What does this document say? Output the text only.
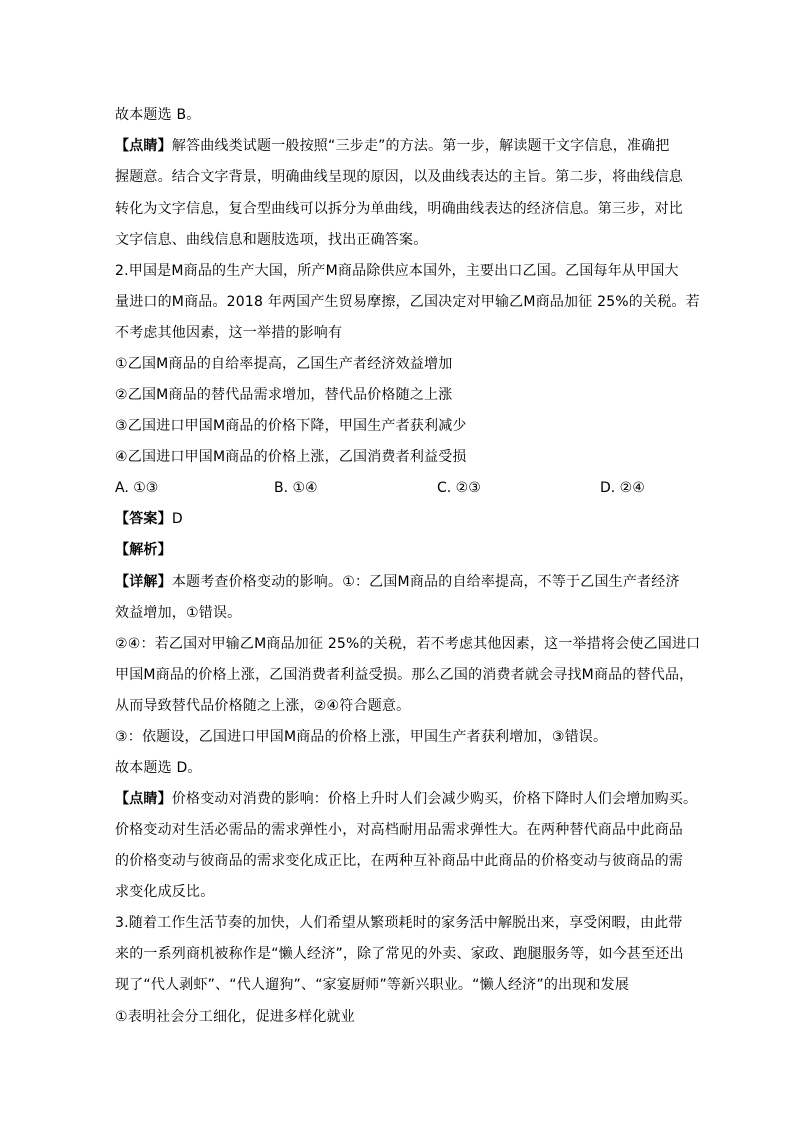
故本题选 B。
【点睛】解答曲线类试题一般按照“三步走”的方法。第一步，解读题干文字信息，准确把
握题意。结合文字背景，明确曲线呈现的原因，以及曲线表达的主旨。第二步，将曲线信息
转化为文字信息，复合型曲线可以拆分为单曲线，明确曲线表达的经济信息。第三步，对比
文字信息、曲线信息和题肢选项，找出正确答案。
2.甲国是M商品的生产大国，所产M商品除供应本国外，主要出口乙国。乙国每年从甲国大
量进口的M商品。2018 年两国产生贸易摩擦，乙国决定对甲输乙M商品加征 25%的关税。若
不考虑其他因素，这一举措的影响有
①乙国M商品的自给率提高，乙国生产者经济效益增加
②乙国M商品的替代品需求增加，替代品价格随之上涨
③乙国进口甲国M商品的价格下降，甲国生产者获利减少
④乙国进口甲国M商品的价格上涨，乙国消费者利益受损
A. ①③	B. ①④	C. ②③	D. ②④
【答案】D
【解析】
【详解】本题考查价格变动的影响。①：乙国M商品的自给率提高，不等于乙国生产者经济
效益增加，①错误。
②④：若乙国对甲输乙M商品加征 25%的关税，若不考虑其他因素，这一举措将会使乙国进口
甲国M商品的价格上涨，乙国消费者利益受损。那么乙国的消费者就会寻找M商品的替代品，
从而导致替代品价格随之上涨，②④符合题意。
③：依题设，乙国进口甲国M商品的价格上涨，甲国生产者获利增加，③错误。
故本题选 D。
【点睛】价格变动对消费的影响：价格上升时人们会减少购买，价格下降时人们会增加购买。
价格变动对生活必需品的需求弹性小，对高档耐用品需求弹性大。在两种替代商品中此商品
的价格变动与彼商品的需求变化成正比，在两种互补商品中此商品的价格变动与彼商品的需
求变化成反比。
3.随着工作生活节奏的加快，人们希望从繁琐耗时的家务活中解脱出来，享受闲暇，由此带
来的一系列商机被称作是“懒人经济”，除了常见的外卖、家政、跑腿服务等，如今甚至还出
现了“代人剥虾”、“代人遛狗”、“家宴厨师”等新兴职业。“懒人经济”的出现和发展
①表明社会分工细化，促进多样化就业
